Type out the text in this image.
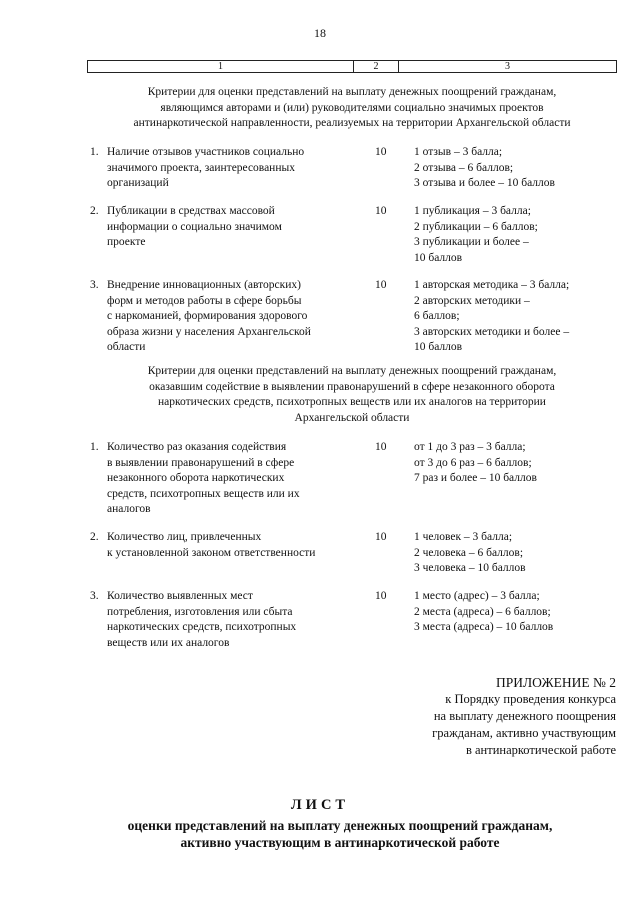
18
1	2	3
Критерии для оценки представлений на выплату денежных поощрений гражданам,
являющимся авторами и (или) руководителями социально значимых проектов
антинаркотической направленности, реализуемых на территории Архангельской области
1. Наличие отзывов участников социально
значимого проекта, заинтересованных
организаций
10	1 отзыв – 3 балла;
2 отзыва – 6 баллов;
3 отзыва и более – 10 баллов
2. Публикации в средствах массовой
информации о социально значимом
проекте
10	1 публикация – 3 балла;
2 публикации – 6 баллов;
3 публикации и более –
10 баллов
3. Внедрение инновационных (авторских)
форм и методов работы в сфере борьбы
с наркоманией, формирования здорового
образа жизни у населения Архангельской
области
10	1 авторская методика – 3 балла;
2 авторских методики –
6 баллов;
3 авторских методики и более –
10 баллов
Критерии для оценки представлений на выплату денежных поощрений гражданам,
оказавшим содействие в выявлении правонарушений в сфере незаконного оборота
наркотических средств, психотропных веществ или их аналогов на территории
Архангельской области
1. Количество раз оказания содействия
в выявлении правонарушений в сфере
незаконного оборота наркотических
средств, психотропных веществ или их
аналогов
10	от 1 до 3 раз – 3 балла;
от 3 до 6 раз – 6 баллов;
7 раз и более – 10 баллов
2. Количество лиц, привлеченных
к установленной законом ответственности
10	1 человек – 3 балла;
2 человека – 6 баллов;
3 человека – 10 баллов
3. Количество выявленных мест
потребления, изготовления или сбыта
наркотических средств, психотропных
веществ или их аналогов
10	1 место (адрес) – 3 балла;
2 места (адреса) – 6 баллов;
3 места (адреса) – 10 баллов
ПРИЛОЖЕНИЕ № 2
к Порядку проведения конкурса
на выплату денежного поощрения
гражданам, активно участвующим
в антинаркотической работе
ЛИСТ
оценки представлений на выплату денежных поощрений гражданам,
активно участвующим в антинаркотической работе
